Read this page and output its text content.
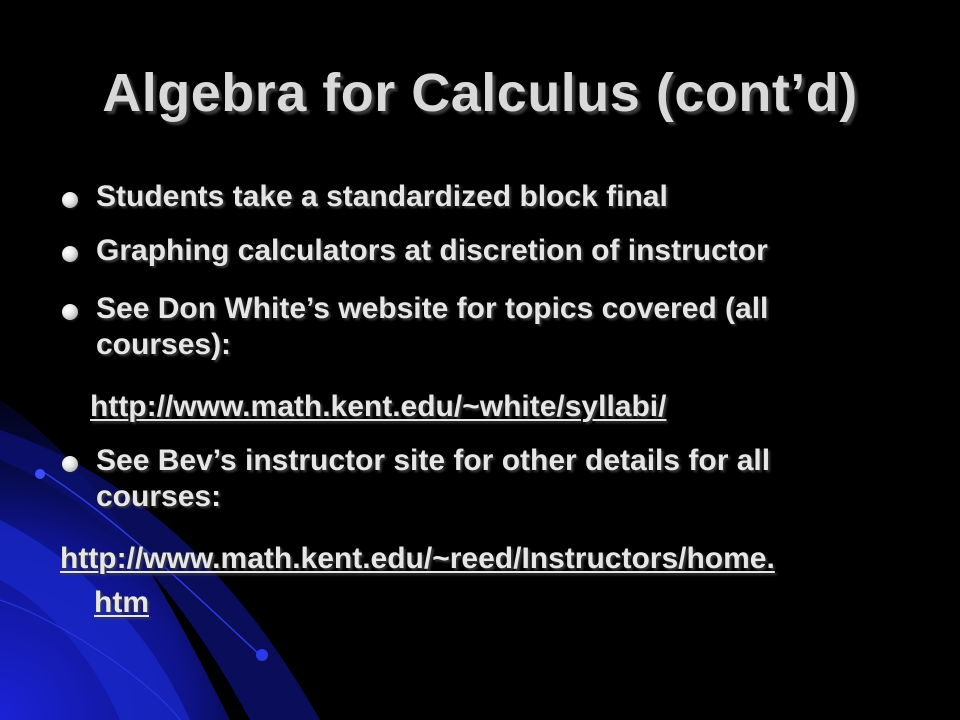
Algebra for Calculus (cont’d)
Students take a standardized block final
Graphing calculators at discretion of instructor
See Don White’s website for topics covered (all
courses):
http://www.math.kent.edu/~white/syllabi/
See Bev’s instructor site for other details for all
courses:
http://www.math.kent.edu/~reed/Instructors/home.
htm
